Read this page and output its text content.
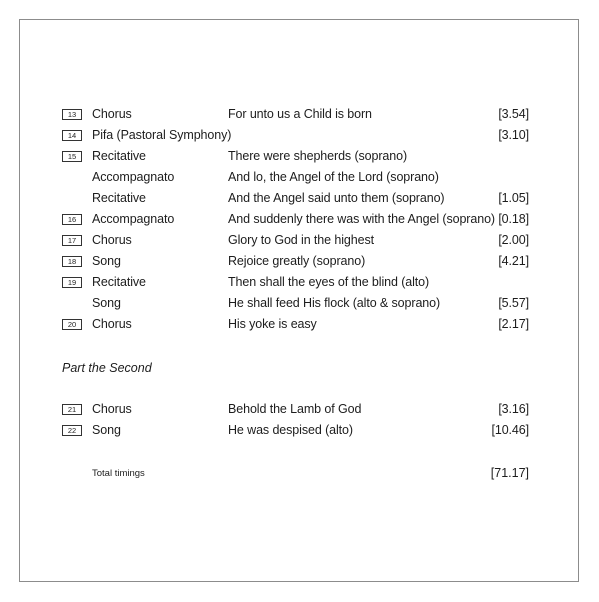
13	Chorus	For unto us a Child is born	[3.54]
14	Pifa (Pastoral Symphony)	[3.10]
15	Recitative	There were shepherds (soprano)
Accompagnato	And lo, the Angel of the Lord (soprano)
Recitative	And the Angel said unto them (soprano)	[1.05]
16	Accompagnato	And suddenly there was with the Angel (soprano) [0.18]
17	Chorus	Glory to God in the highest	[2.00]
18	Song	Rejoice greatly (soprano)	[4.21]
19	Recitative	Then shall the eyes of the blind (alto)
Song	He shall feed His flock (alto & soprano)	[5.57]
20	Chorus	His yoke is easy	[2.17]
Part the Second
21	Chorus	Behold the Lamb of God	[3.16]
22	Song	He was despised (alto)	[10.46]
Total timings	[71.17]
